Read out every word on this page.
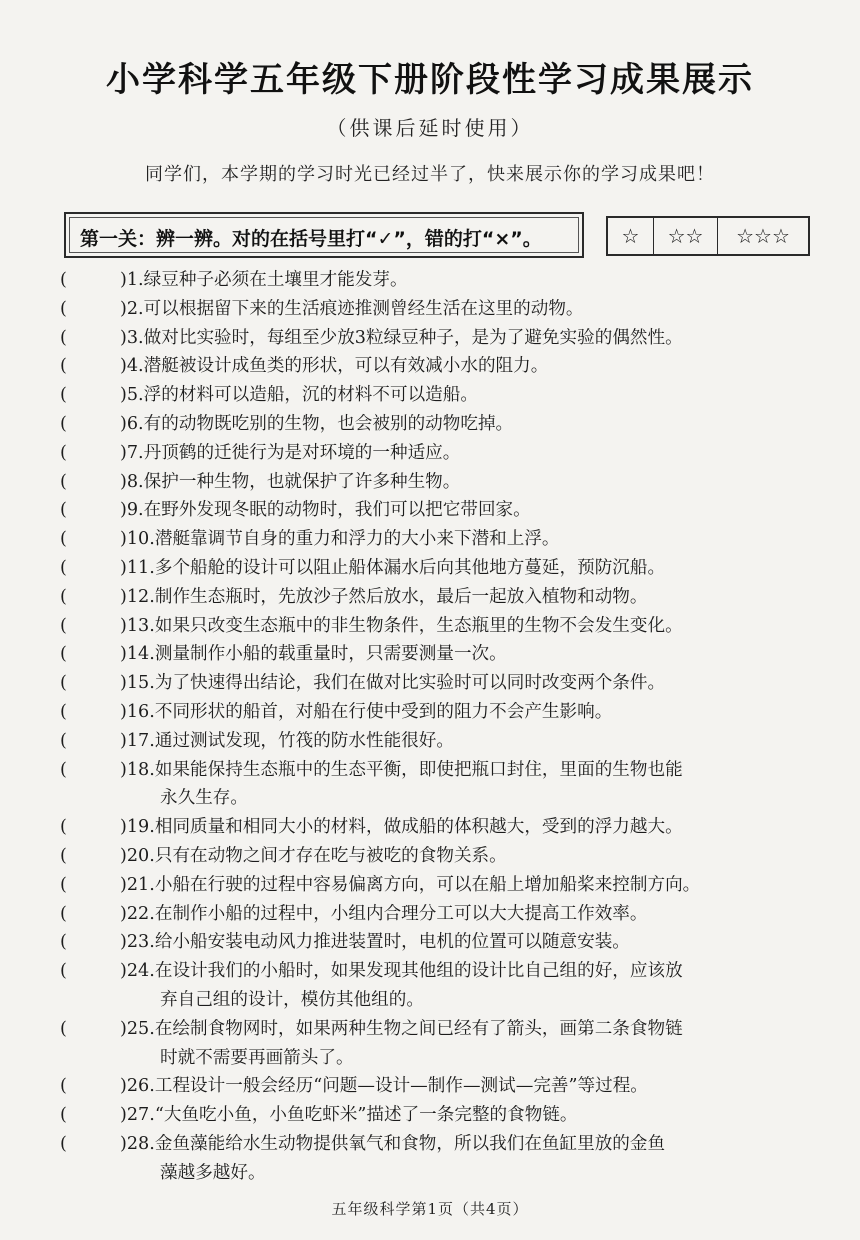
小学科学五年级下册阶段性学习成果展示
（供课后延时使用）
同学们，本学期的学习时光已经过半了，快来展示你的学习成果吧！
第一关：辨一辨。对的在括号里打“✓”，错的打“×”。	☆	☆☆	☆☆☆
(	)1.绿豆种子必须在土壤里才能发芽。
(	)2.可以根据留下来的生活痕迹推测曾经生活在这里的动物。
(	)3.做对比实验时，每组至少放3粒绿豆种子，是为了避免实验的偶然性。
(	)4.潜艇被设计成鱼类的形状，可以有效减小水的阻力。
(	)5.浮的材料可以造船，沉的材料不可以造船。
(	)6.有的动物既吃别的生物，也会被别的动物吃掉。
(	)7.丹顶鹤的迁徙行为是对环境的一种适应。
(	)8.保护一种生物，也就保护了许多种生物。
(	)9.在野外发现冬眠的动物时，我们可以把它带回家。
(	)10.潜艇靠调节自身的重力和浮力的大小来下潜和上浮。
(	)11.多个船舱的设计可以阻止船体漏水后向其他地方蔓延，预防沉船。
(	)12.制作生态瓶时，先放沙子然后放水，最后一起放入植物和动物。
(	)13.如果只改变生态瓶中的非生物条件，生态瓶里的生物不会发生变化。
(	)14.测量制作小船的载重量时，只需要测量一次。
(	)15.为了快速得出结论，我们在做对比实验时可以同时改变两个条件。
(	)16.不同形状的船首，对船在行使中受到的阻力不会产生影响。
(	)17.通过测试发现，竹筏的防水性能很好。
(	)18.如果能保持生态瓶中的生态平衡，即使把瓶口封住，里面的生物也能
永久生存。
(	)19.相同质量和相同大小的材料，做成船的体积越大，受到的浮力越大。
(	)20.只有在动物之间才存在吃与被吃的食物关系。
(	)21.小船在行驶的过程中容易偏离方向，可以在船上增加船桨来控制方向。
(	)22.在制作小船的过程中，小组内合理分工可以大大提高工作效率。
(	)23.给小船安装电动风力推进装置时，电机的位置可以随意安装。
(	)24.在设计我们的小船时，如果发现其他组的设计比自己组的好，应该放
弃自己组的设计，模仿其他组的。
(	)25.在绘制食物网时，如果两种生物之间已经有了箭头，画第二条食物链
时就不需要再画箭头了。
(	)26.工程设计一般会经历“问题—设计—制作—测试—完善”等过程。
(	)27.“大鱼吃小鱼，小鱼吃虾米”描述了一条完整的食物链。
(	)28.金鱼藻能给水生动物提供氧气和食物，所以我们在鱼缸里放的金鱼
藻越多越好。
五年级科学第1页（共4页）
